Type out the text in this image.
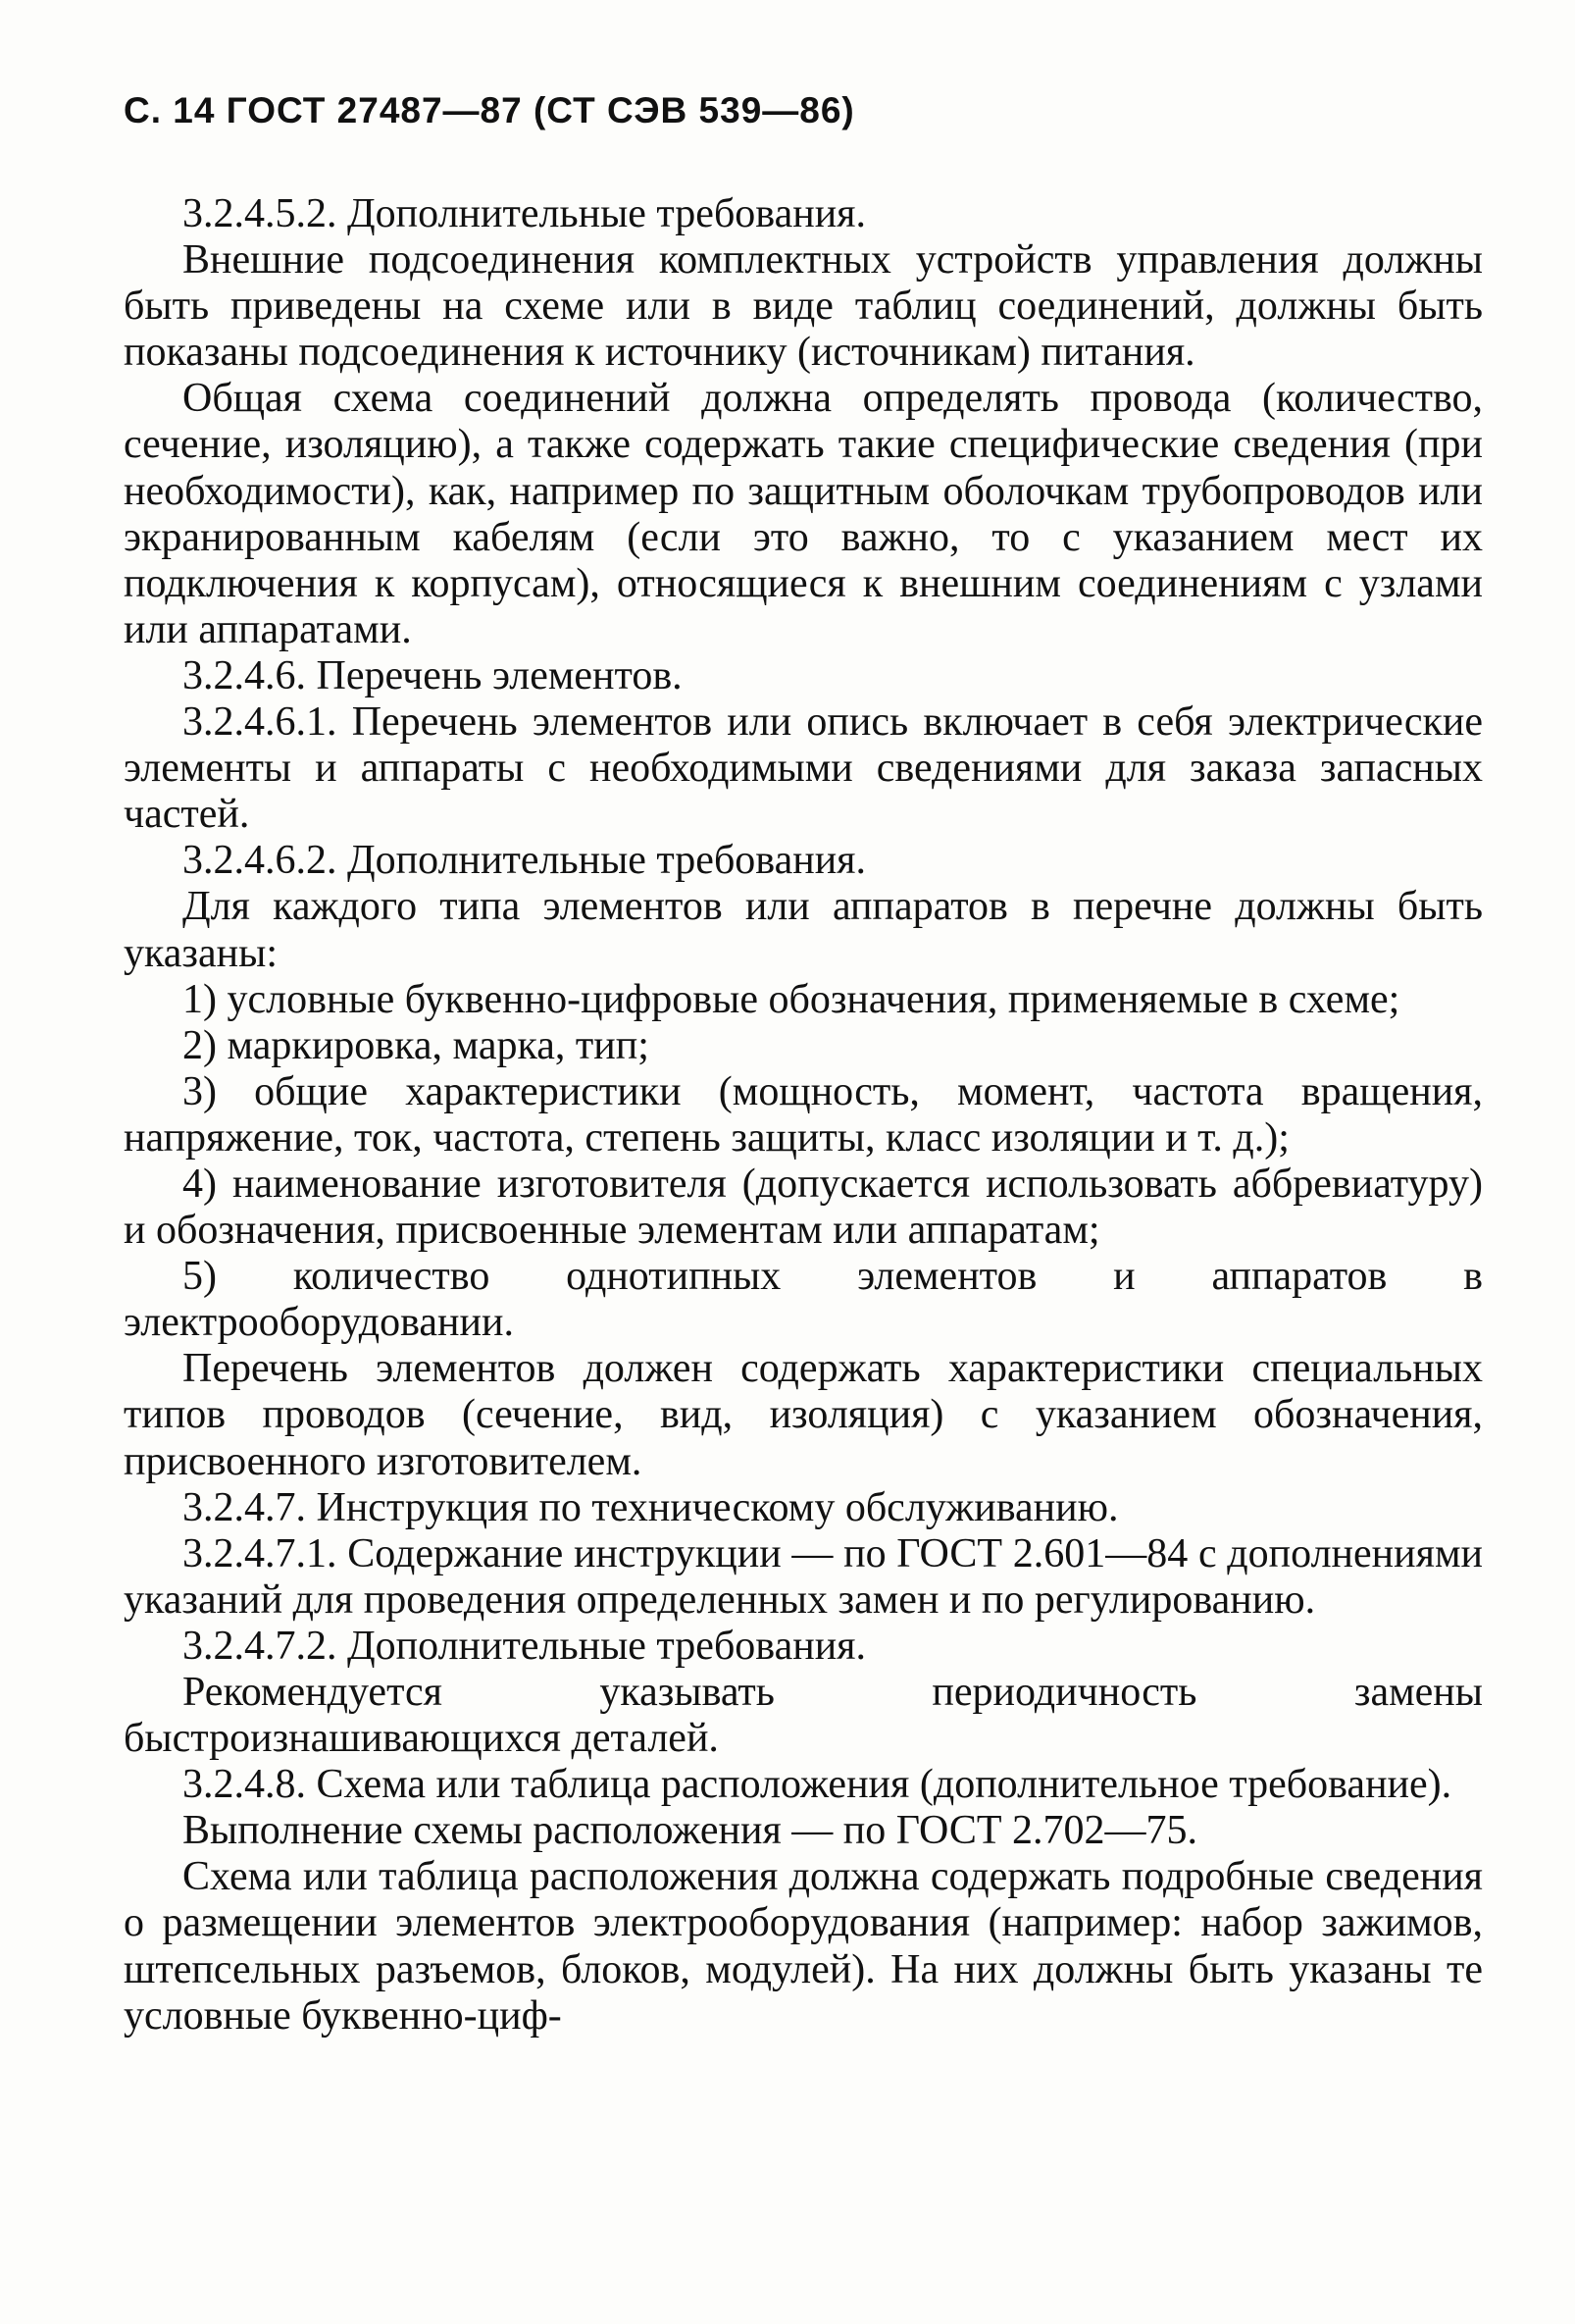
С. 14 ГОСТ 27487—87 (СТ СЭВ 539—86)

3.2.4.5.2. Дополнительные требования.

Внешние подсоединения комплектных устройств управления должны быть приведены на схеме или в виде таблиц соединений, должны быть показаны подсоединения к источнику (источникам) питания.

Общая схема соединений должна определять провода (количество, сечение, изоляцию), а также содержать такие специфические сведения (при необходимости), как, например по защитным оболочкам трубопроводов или экранированным кабелям (если это важно, то с указанием мест их подключения к корпусам), относящиеся к внешним соединениям с узлами или аппаратами.

3.2.4.6. Перечень элементов.

3.2.4.6.1. Перечень элементов или опись включает в себя электрические элементы и аппараты с необходимыми сведениями для заказа запасных частей.

3.2.4.6.2. Дополнительные требования.

Для каждого типа элементов или аппаратов в перечне должны быть указаны:

1) условные буквенно-цифровые обозначения, применяемые в схеме;

2) маркировка, марка, тип;

3) общие характеристики (мощность, момент, частота вращения, напряжение, ток, частота, степень защиты, класс изоляции и т. д.);

4) наименование изготовителя (допускается использовать аббревиатуру) и обозначения, присвоенные элементам или аппаратам;

5) количество однотипных элементов и аппаратов в электрооборудовании.

Перечень элементов должен содержать характеристики специальных типов проводов (сечение, вид, изоляция) с указанием обозначения, присвоенного изготовителем.

3.2.4.7. Инструкция по техническому обслуживанию.

3.2.4.7.1. Содержание инструкции — по ГОСТ 2.601—84 с дополнениями указаний для проведения определенных замен и по регулированию.

3.2.4.7.2. Дополнительные требования.

Рекомендуется указывать периодичность замены быстроизнашивающихся деталей.

3.2.4.8. Схема или таблица расположения (дополнительное требование).

Выполнение схемы расположения — по ГОСТ 2.702—75.

Схема или таблица расположения должна содержать подробные сведения о размещении элементов электрооборудования (например: набор зажимов, штепсельных разъемов, блоков, модулей). На них должны быть указаны те условные буквенно-циф-
